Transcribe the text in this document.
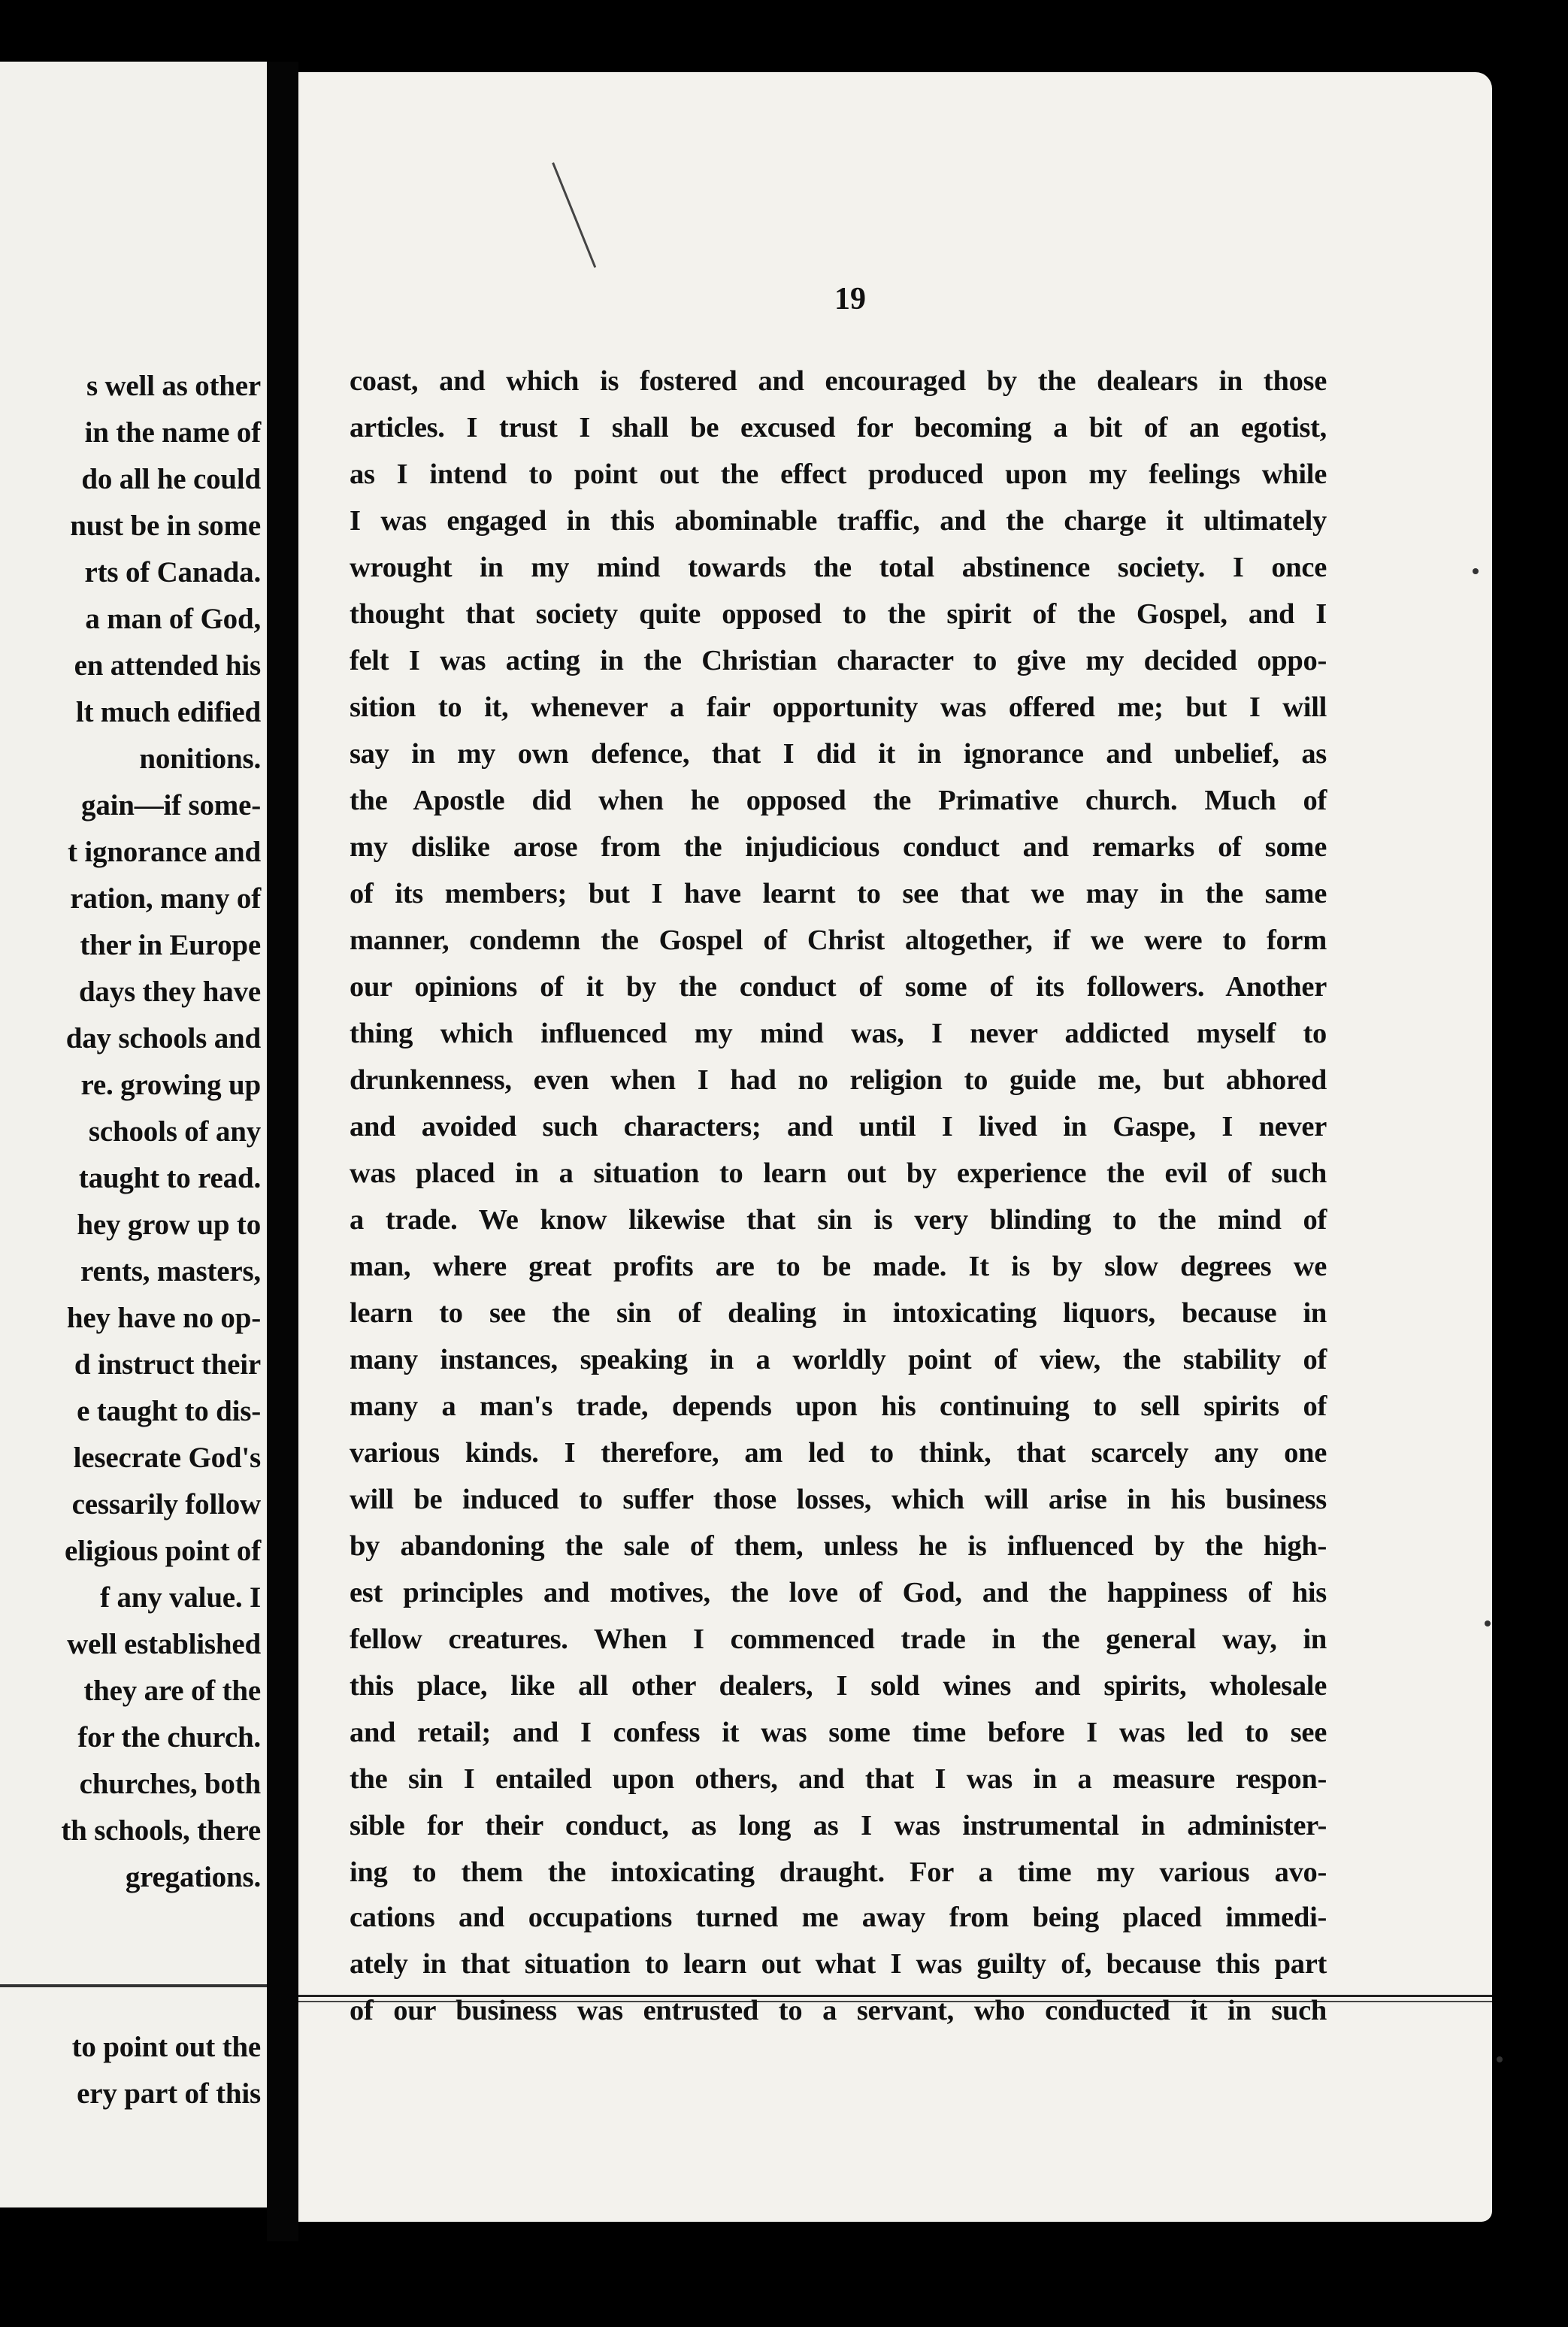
s well as other
in the name of
do all he could
nust be in some
rts of Canada.
a man of God,
en attended his
lt much edified
nonitions.
gain—if some-
t ignorance and
ration, many of
ther in Europe
days they have
day schools and
re. growing up
schools of any
taught to read.
hey grow up to
rents, masters,
hey have no op-
d instruct their
e taught to dis-
lesecrate God's
cessarily follow
eligious point of
f any value. I
well established
they are of the
for the church.
churches, both
th schools, there
gregations.
to point out the
ery part of this
19
coast, and which is fostered and encouraged by the dealears in those
articles. I trust I shall be excused for becoming a bit of an egotist,
as I intend to point out the effect produced upon my feelings while
I was engaged in this abominable traffic, and the charge it ultimately
wrought in my mind towards the total abstinence society. I once
thought that society quite opposed to the spirit of the Gospel, and I
felt I was acting in the Christian character to give my decided oppo-
sition to it, whenever a fair opportunity was offered me; but I will
say in my own defence, that I did it in ignorance and unbelief, as
the Apostle did when he opposed the Primative church. Much of
my dislike arose from the injudicious conduct and remarks of some
of its members; but I have learnt to see that we may in the same
manner, condemn the Gospel of Christ altogether, if we were to form
our opinions of it by the conduct of some of its followers. Another
thing which influenced my mind was, I never addicted myself to
drunkenness, even when I had no religion to guide me, but abhored
and avoided such characters; and until I lived in Gaspe, I never
was placed in a situation to learn out by experience the evil of such
a trade. We know likewise that sin is very blinding to the mind of
man, where great profits are to be made. It is by slow degrees we
learn to see the sin of dealing in intoxicating liquors, because in
many instances, speaking in a worldly point of view, the stability of
many a man's trade, depends upon his continuing to sell spirits of
various kinds. I therefore, am led to think, that scarcely any one
will be induced to suffer those losses, which will arise in his business
by abandoning the sale of them, unless he is influenced by the high-
est principles and motives, the love of God, and the happiness of his
fellow creatures. When I commenced trade in the general way, in
this place, like all other dealers, I sold wines and spirits, wholesale
and retail; and I confess it was some time before I was led to see
the sin I entailed upon others, and that I was in a measure respon-
sible for their conduct, as long as I was instrumental in administer-
ing to them the intoxicating draught. For a time my various avo-
cations and occupations turned me away from being placed immedi-
ately in that situation to learn out what I was guilty of, because this part
of our business was entrusted to a servant, who conducted it in such
